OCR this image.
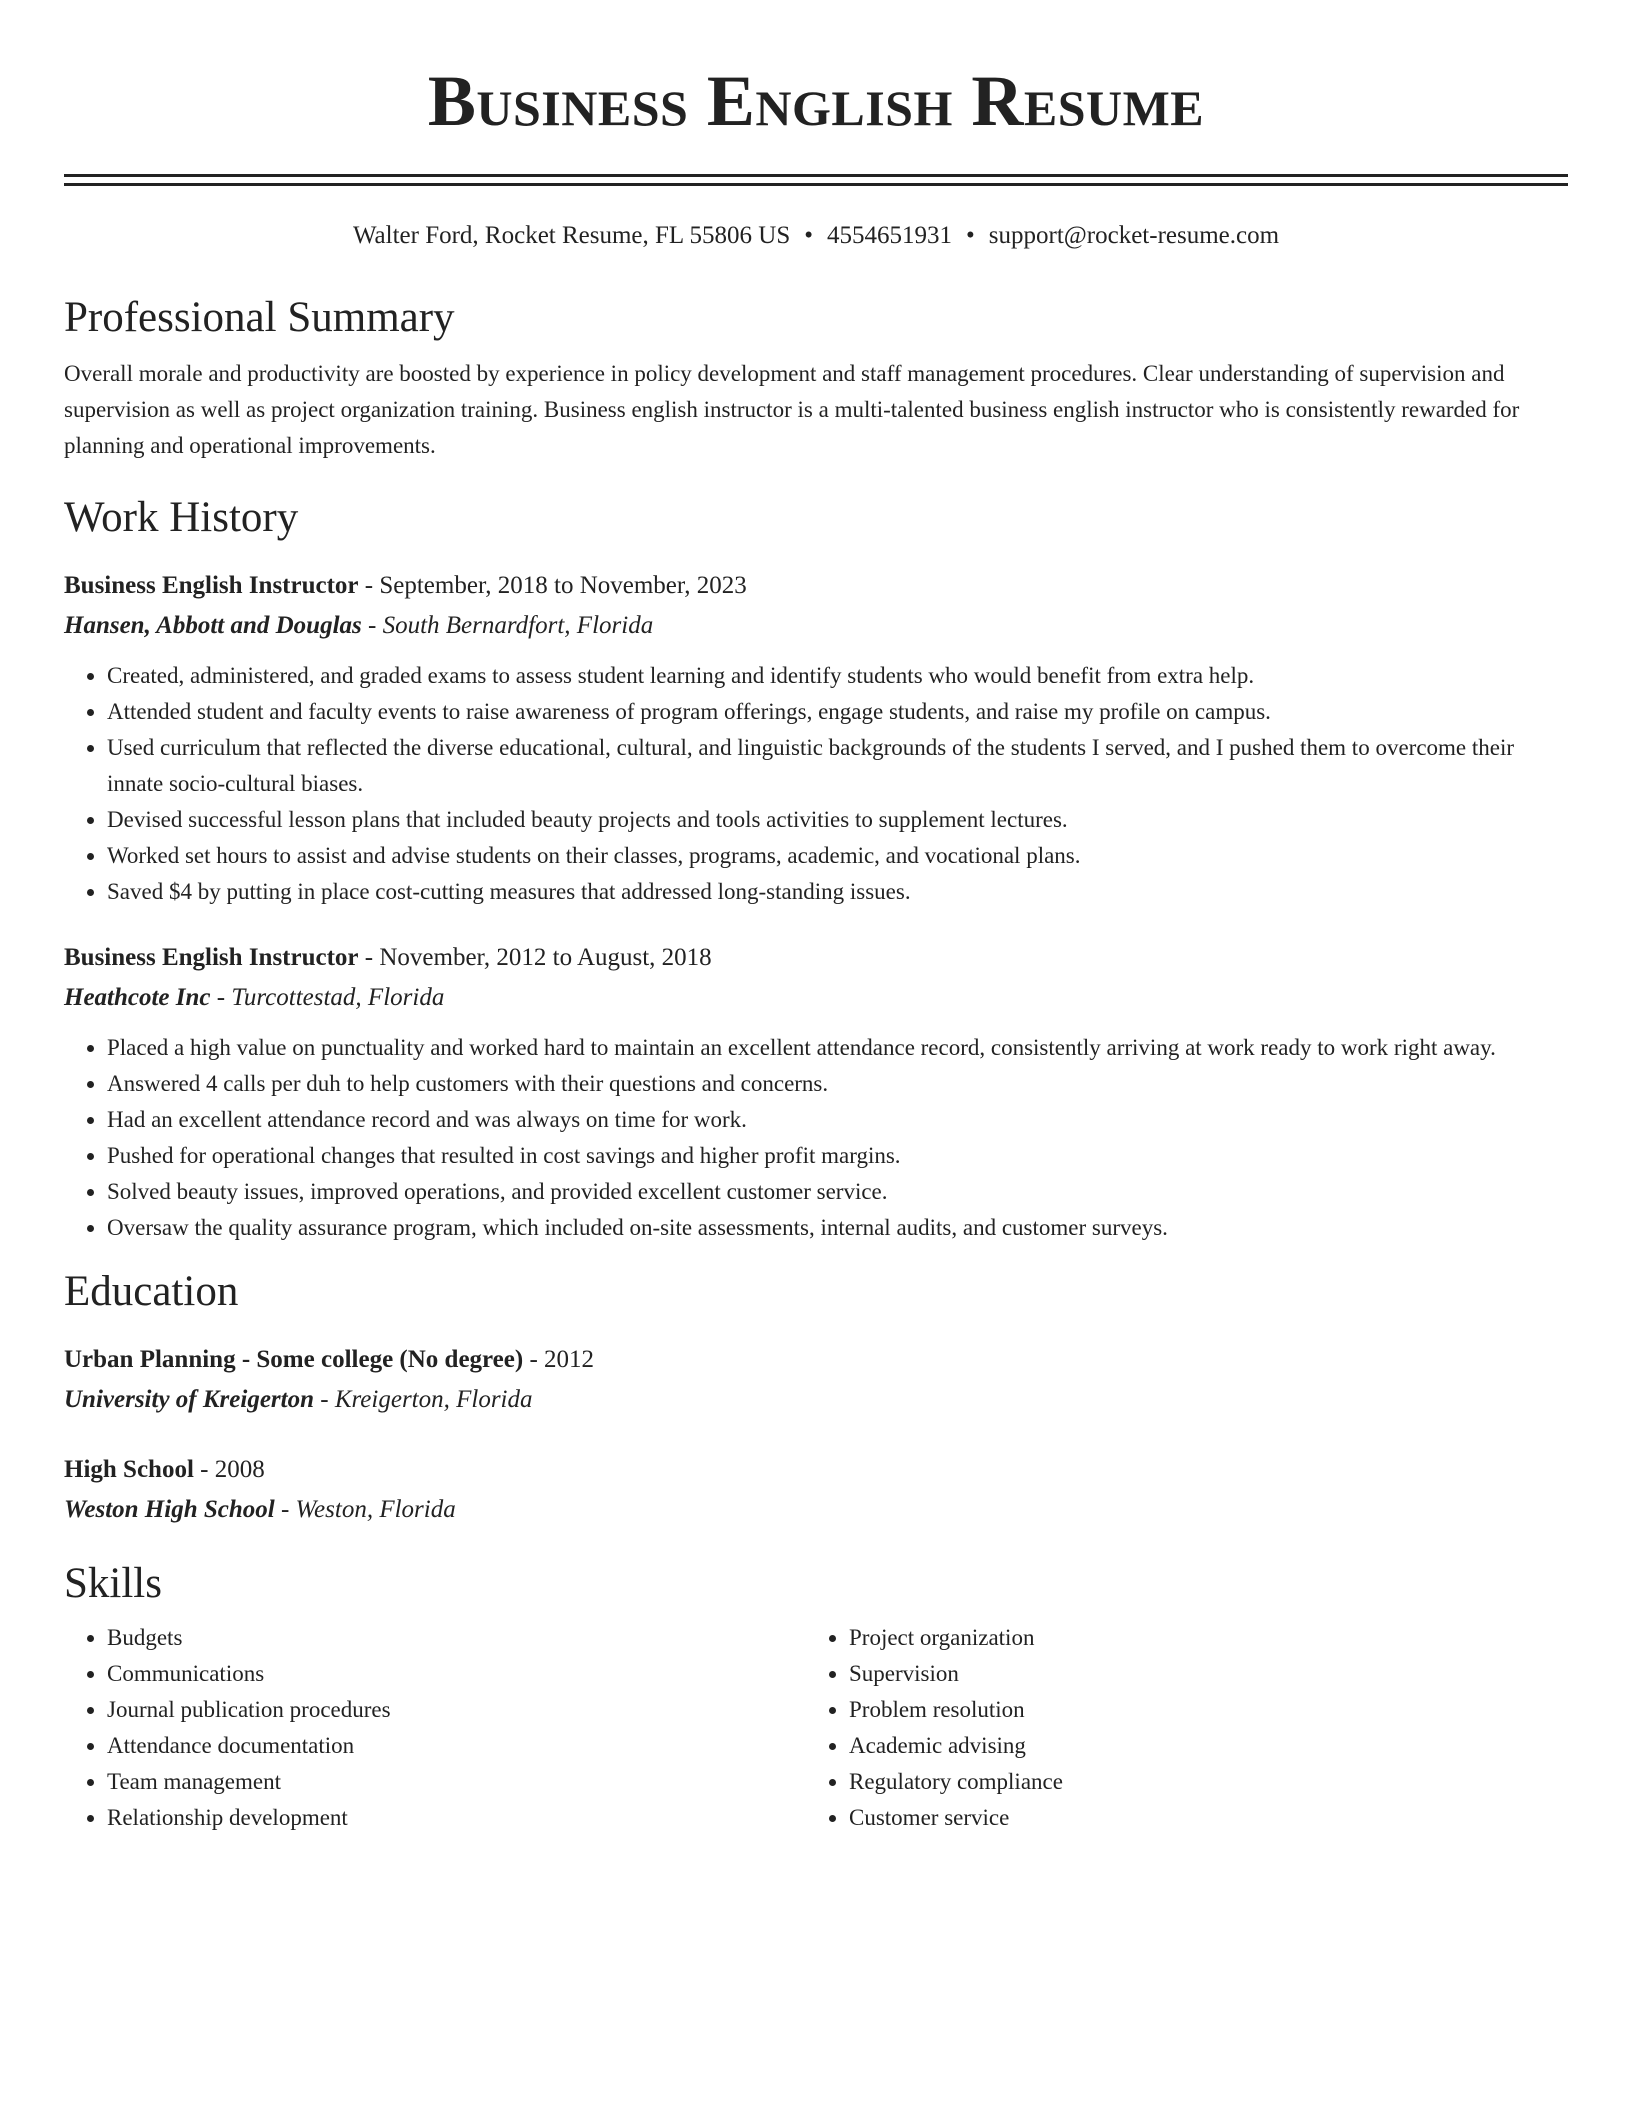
Business English Resume
Walter Ford, Rocket Resume, FL 55806 US • 4554651931 • support@rocket-resume.com
Professional Summary

Overall morale and productivity are boosted by experience in policy development and staff management procedures. Clear understanding of supervision and supervision as well as project organization training. Business english instructor is a multi-talented business english instructor who is consistently rewarded for planning and operational improvements.

Work History
Business English Instructor - September, 2018 to November, 2023
Hansen, Abbott and Douglas - South Bernardfort, Florida
• Created, administered, and graded exams to assess student learning and identify students who would benefit from extra help.
• Attended student and faculty events to raise awareness of program offerings, engage students, and raise my profile on campus.
• Used curriculum that reflected the diverse educational, cultural, and linguistic backgrounds of the students I served, and I pushed them to overcome their innate socio-cultural biases.
• Devised successful lesson plans that included beauty projects and tools activities to supplement lectures.
• Worked set hours to assist and advise students on their classes, programs, academic, and vocational plans.
• Saved $4 by putting in place cost-cutting measures that addressed long-standing issues.
Business English Instructor - November, 2012 to August, 2018
Heathcote Inc - Turcottestad, Florida
• Placed a high value on punctuality and worked hard to maintain an excellent attendance record, consistently arriving at work ready to work right away.
• Answered 4 calls per duh to help customers with their questions and concerns.
• Had an excellent attendance record and was always on time for work.
• Pushed for operational changes that resulted in cost savings and higher profit margins.
• Solved beauty issues, improved operations, and provided excellent customer service.
• Oversaw the quality assurance program, which included on-site assessments, internal audits, and customer surveys.
Education
Urban Planning - Some college (No degree) - 2012
University of Kreigerton - Kreigerton, Florida
High School - 2008
Weston High School - Weston, Florida
Skills
• Budgets
• Communications
• Journal publication procedures
• Attendance documentation
• Team management
• Relationship development
• Project organization
• Supervision
• Problem resolution
• Academic advising
• Regulatory compliance
• Customer service
